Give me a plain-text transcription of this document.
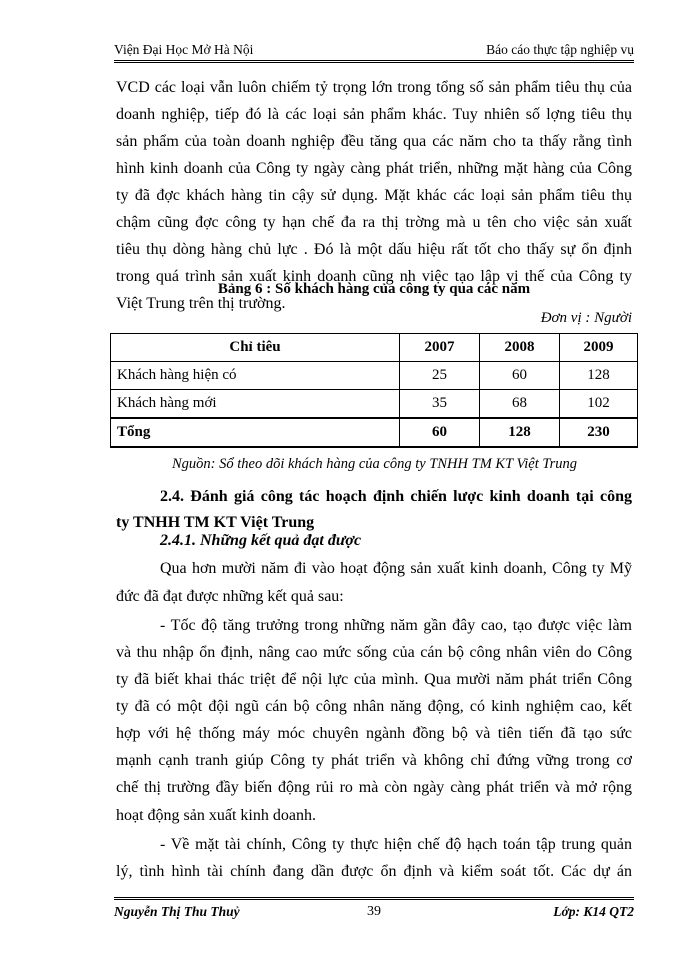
Viện Đại Học Mở Hà Nội	Báo cáo thực tập nghiệp vụ
VCD các loại vẫn luôn chiếm tỷ trọng lớn trong tổng số sản phẩm tiêu thụ của
doanh nghiệp, tiếp đó là các loại sản phẩm khác. Tuy nhiên số lợng tiêu thụ
sản phẩm của toàn doanh nghiệp đều tăng qua các năm cho ta thấy rằng tình
hình kinh doanh của Công ty ngày càng phát triển, những mặt hàng của Công
ty đã đợc khách hàng tin cậy sử dụng. Mặt khác các loại sản phẩm tiêu thụ
chậm cũng đợc công ty hạn chế đa ra thị trờng mà u tên cho việc sản xuất
tiêu thụ dòng hàng chủ lực . Đó là một dấu hiệu rất tốt cho thấy sự ổn định
trong quá trình sản xuất kinh doanh cũng nh việc tạo lập vị thế của Công ty
Việt Trung trên thị trường.
Bảng 6 : Số khách hàng của công ty qua các năm
Đơn vị : Người
Chỉ tiêu	2007	2008	2009
Khách hàng hiện có	25	60	128
Khách hàng mới	35	68	102
Tổng	60	128	230
Nguồn: Sổ theo dõi khách hàng của công ty TNHH TM KT Việt Trung
2.4. Đánh giá công tác hoạch định chiến lược kinh doanh tại công
ty TNHH TM KT Việt Trung
2.4.1. Những kết quả đạt được
Qua hơn mười năm đi vào hoạt động sản xuất kinh doanh, Công ty Mỹ
đức đã đạt được những kết quả sau:
- Tốc độ tăng trưởng trong những năm gần đây cao, tạo được việc làm
và thu nhập ổn định, nâng cao mức sống của cán bộ công nhân viên do Công
ty đã biết khai thác triệt để nội lực của mình. Qua mười năm phát triển Công
ty đã có một đội ngũ cán bộ công nhân năng động, có kinh nghiệm cao, kết
hợp với hệ thống máy móc chuyên ngành đồng bộ và tiên tiến đã tạo sức
mạnh cạnh tranh giúp Công ty phát triển và không chỉ đứng vững trong cơ
chế thị trường đầy biến động rủi ro mà còn ngày càng phát triển và mở rộng
hoạt động sản xuất kinh doanh.
- Về mặt tài chính, Công ty thực hiện chế độ hạch toán tập trung quản
lý, tình hình tài chính đang dần được ổn định và kiểm soát tốt. Các dự án
39
Nguyễn Thị Thu Thuỷ	Lớp: K14 QT2
